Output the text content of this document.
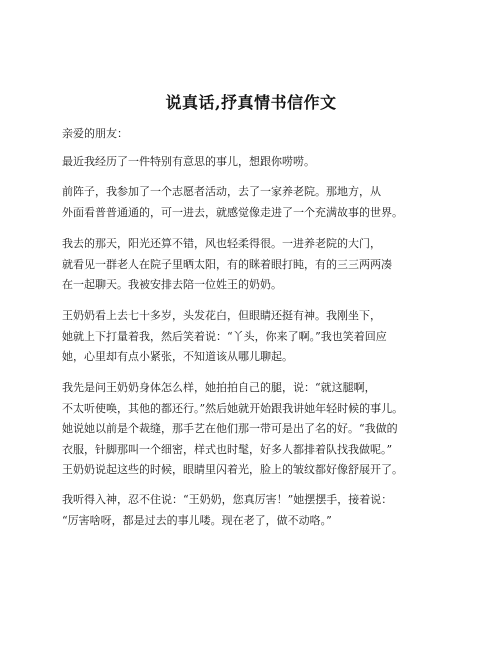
说真话,抒真情书信作文
亲爱的朋友：
最近我经历了一件特别有意思的事儿，想跟你唠唠。
前阵子，我参加了一个志愿者活动，去了一家养老院。那地方，从
外面看普普通通的，可一进去，就感觉像走进了一个充满故事的世界。
我去的那天，阳光还算不错，风也轻柔得很。一进养老院的大门，
就看见一群老人在院子里晒太阳，有的眯着眼打盹，有的三三两两凑
在一起聊天。我被安排去陪一位姓王的奶奶。
王奶奶看上去七十多岁，头发花白，但眼睛还挺有神。我刚坐下，
她就上下打量着我，然后笑着说：“丫头，你来了啊。”我也笑着回应
她，心里却有点小紧张，不知道该从哪儿聊起。
我先是问王奶奶身体怎么样，她拍拍自己的腿，说：“就这腿啊，
不太听使唤，其他的都还行。”然后她就开始跟我讲她年轻时候的事儿。
她说她以前是个裁缝，那手艺在他们那一带可是出了名的好。“我做的
衣服，针脚那叫一个细密，样式也时髦，好多人都排着队找我做呢。”
王奶奶说起这些的时候，眼睛里闪着光，脸上的皱纹都好像舒展开了。
我听得入神，忍不住说：“王奶奶，您真厉害！”她摆摆手，接着说：
“厉害啥呀，都是过去的事儿喽。现在老了，做不动咯。”
